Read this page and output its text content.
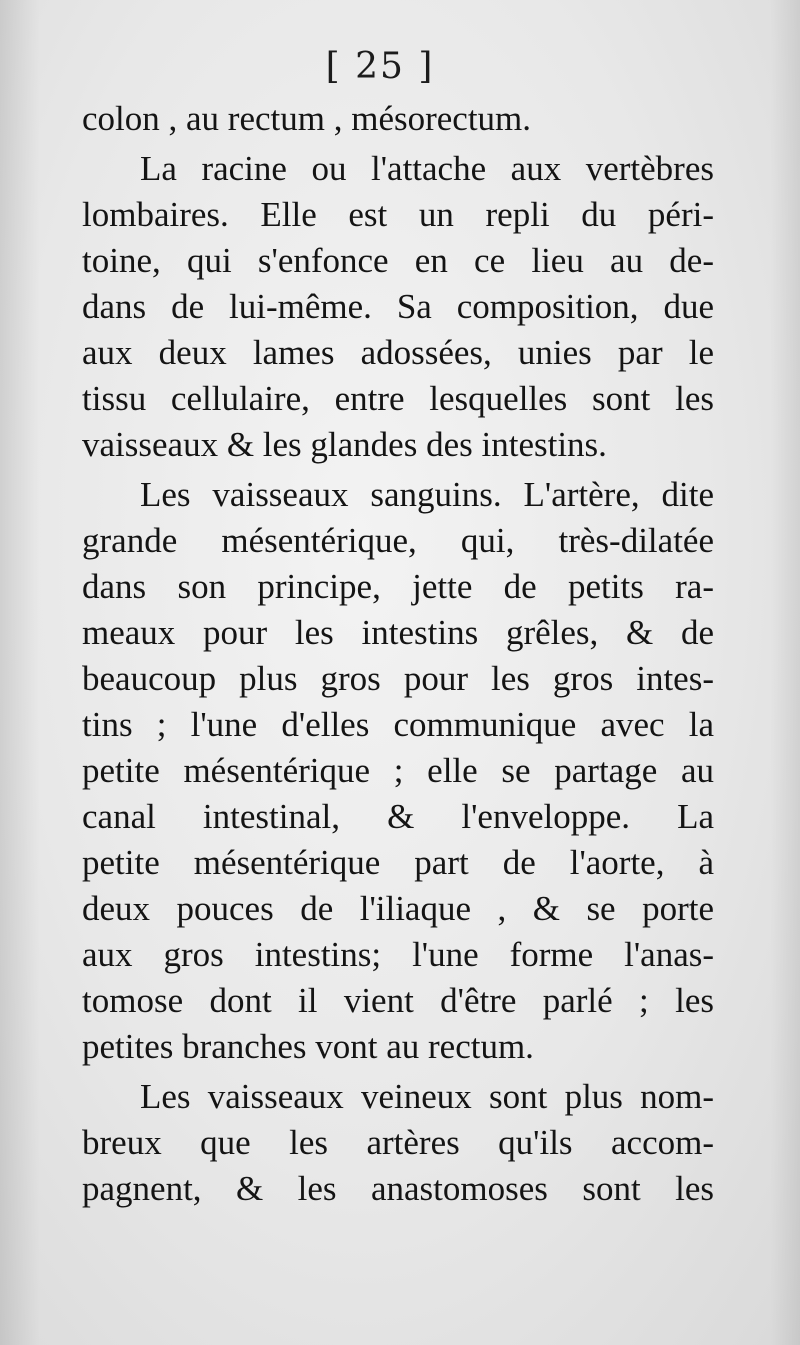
[ 25 ]
colon , au rectum , mésorectum.
La racine ou l'attache aux vertèbres
lombaires. Elle est un repli du péri-
toine, qui s'enfonce en ce lieu au de-
dans de lui-même. Sa composition, due
aux deux lames adossées, unies par le
tissu cellulaire, entre lesquelles sont les
vaisseaux & les glandes des intestins.
Les vaisseaux sanguins. L'artère, dite
grande mésentérique, qui, très-dilatée
dans son principe, jette de petits ra-
meaux pour les intestins grêles, & de
beaucoup plus gros pour les gros intes-
tins ; l'une d'elles communique avec la
petite mésentérique ; elle se partage au
canal intestinal, & l'enveloppe. La
petite mésentérique part de l'aorte, à
deux pouces de l'iliaque , & se porte
aux gros intestins; l'une forme l'anas-
tomose dont il vient d'être parlé ; les
petites branches vont au rectum.
Les vaisseaux veineux sont plus nom-
breux que les artères qu'ils accom-
pagnent, & les anastomoses sont les
